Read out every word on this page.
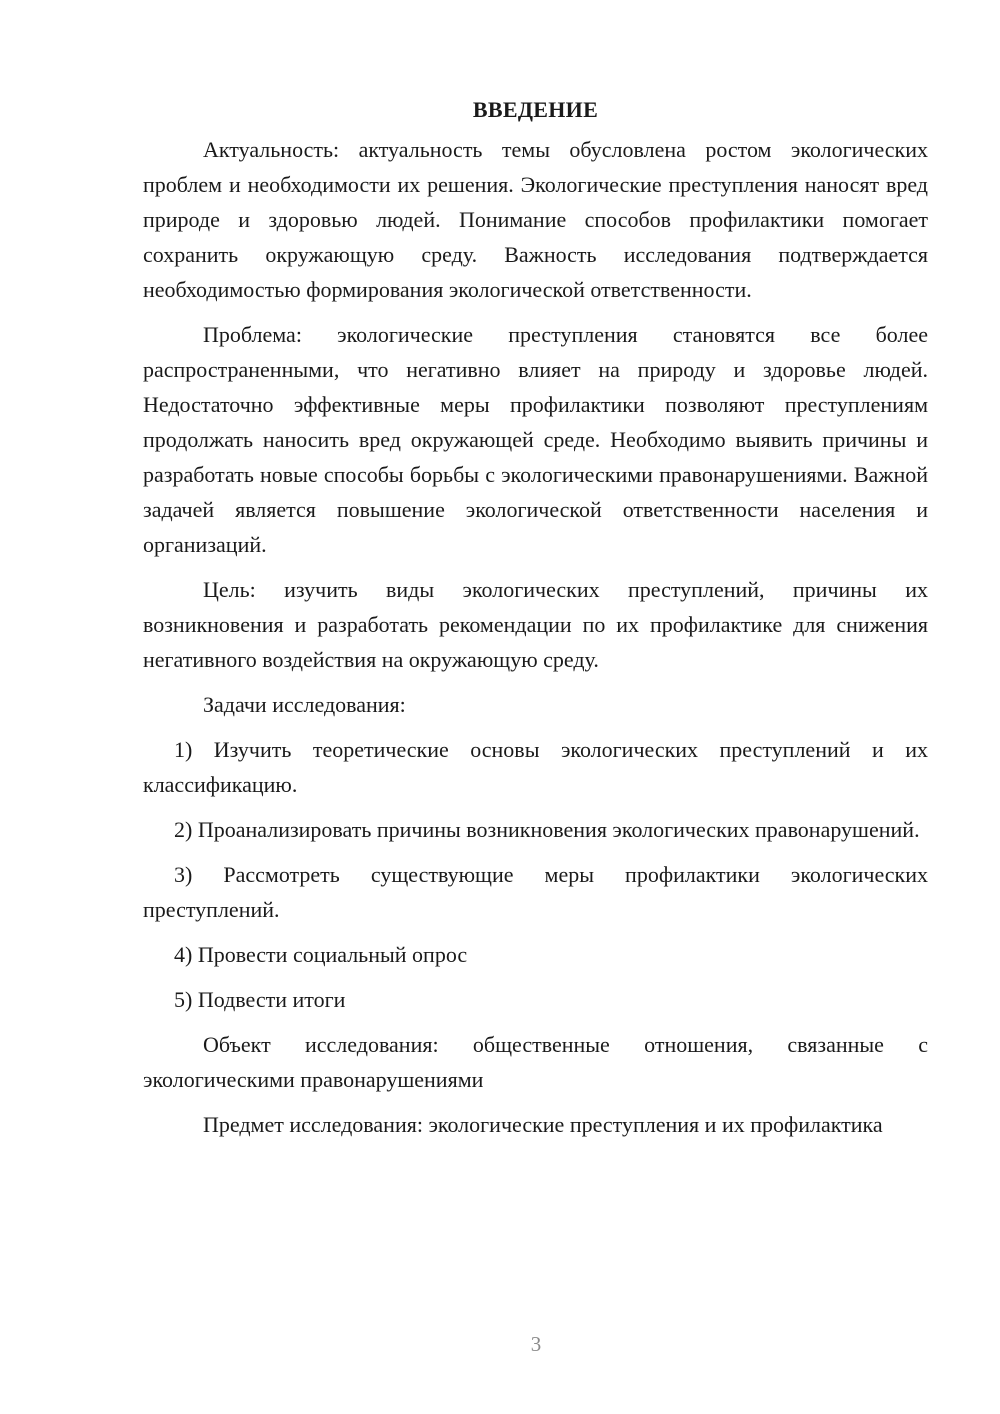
ВВЕДЕНИЕ

Актуальность: актуальность темы обусловлена ростом экологических проблем и необходимости их решения. Экологические преступления наносят вред природе и здоровью людей. Понимание способов профилактики помогает сохранить окружающую среду. Важность исследования подтверждается необходимостью формирования экологической ответственности.

Проблема: экологические преступления становятся все более распространенными, что негативно влияет на природу и здоровье людей. Недостаточно эффективные меры профилактики позволяют преступлениям продолжать наносить вред окружающей среде. Необходимо выявить причины и разработать новые способы борьбы с экологическими правонарушениями. Важной задачей является повышение экологической ответственности населения и организаций.

Цель: изучить виды экологических преступлений, причины их возникновения и разработать рекомендации по их профилактике для снижения негативного воздействия на окружающую среду.

Задачи исследования:

1) Изучить теоретические основы экологических преступлений и их классификацию.

2) Проанализировать причины возникновения экологических правонарушений.

3) Рассмотреть существующие меры профилактики экологических преступлений.

4) Провести социальный опрос

5) Подвести итоги

Объект исследования: общественные отношения, связанные с экологическими правонарушениями

Предмет исследования: экологические преступления и их профилактика

3
